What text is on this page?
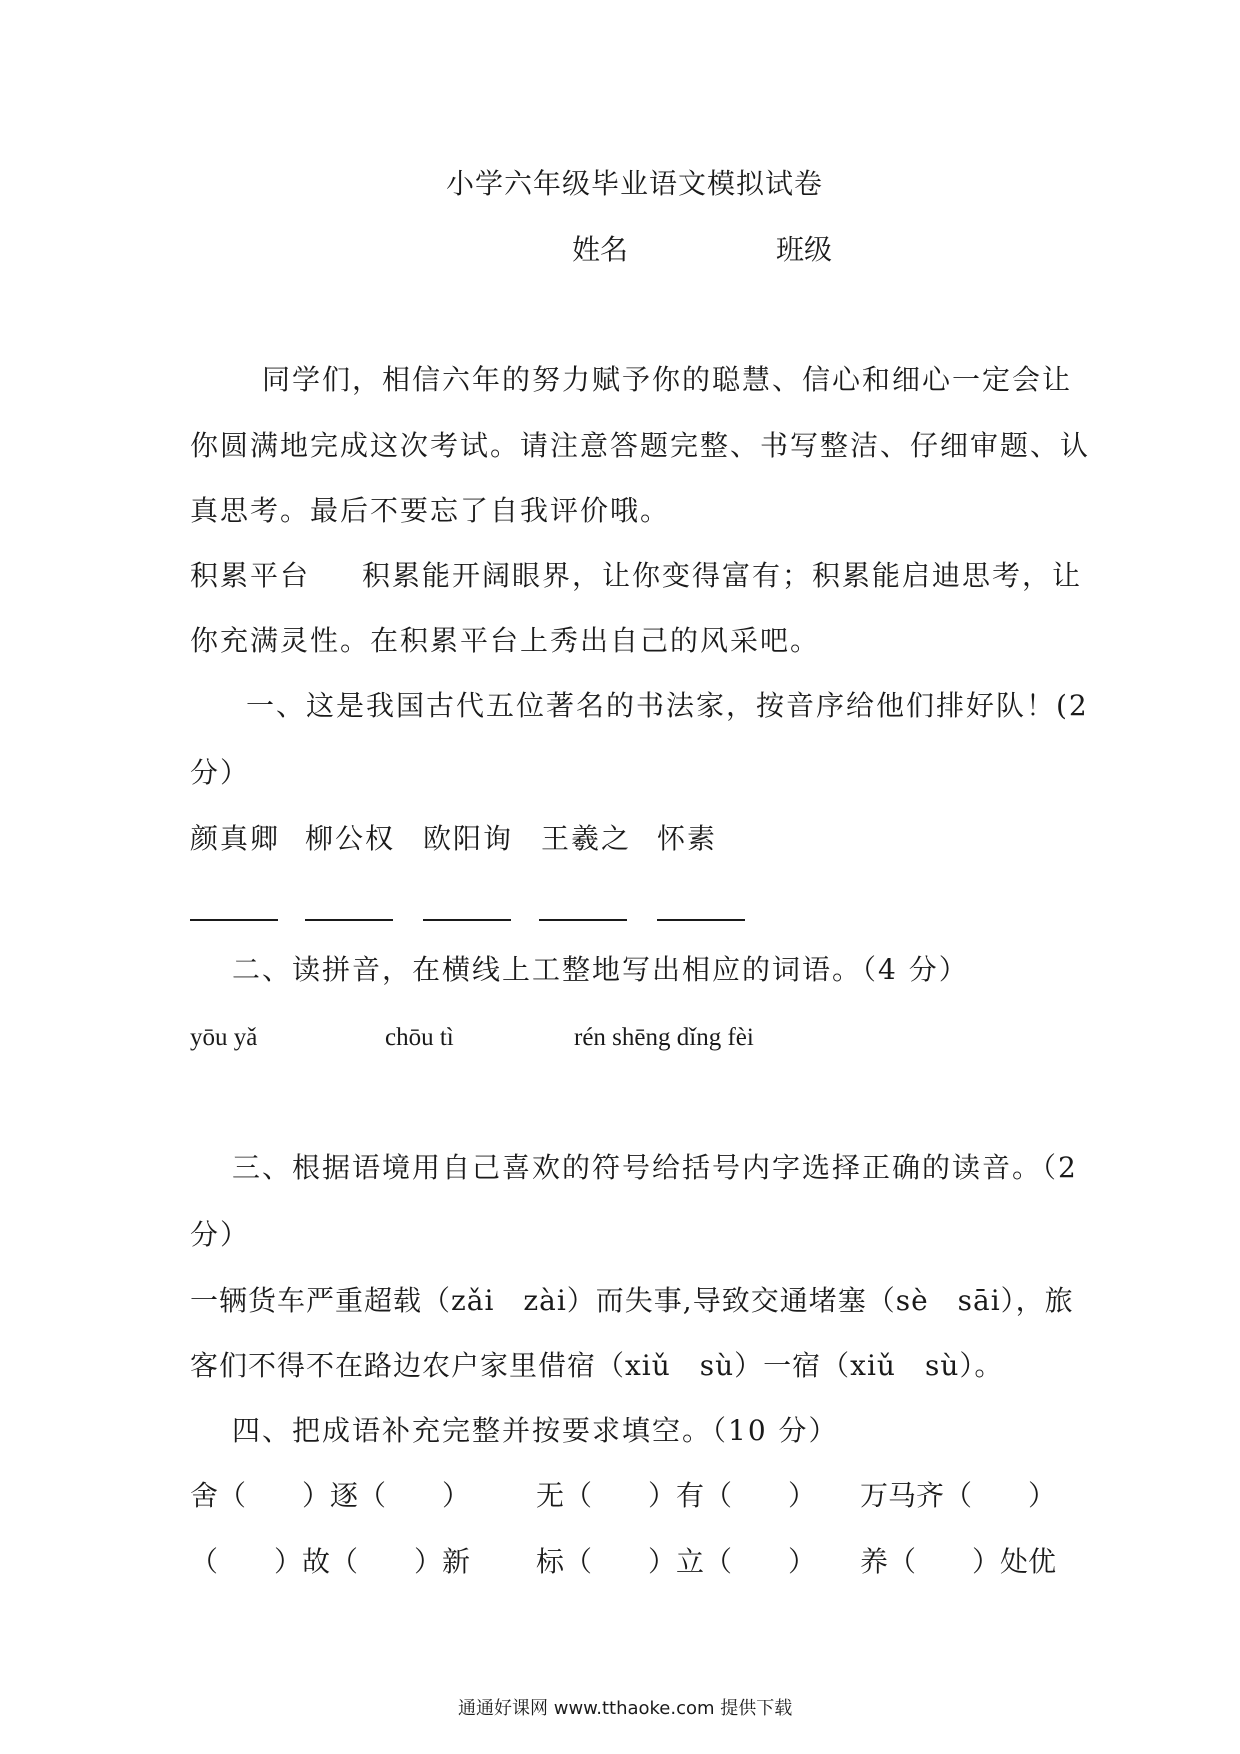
小学六年级毕业语文模拟试卷
姓名	班级
同学们，相信六年的努力赋予你的聪慧、信心和细心一定会让
你圆满地完成这次考试。请注意答题完整、书写整洁、仔细审题、认
真思考。最后不要忘了自我评价哦。
积累平台 积累能开阔眼界，让你变得富有；积累能启迪思考，让
你充满灵性。在积累平台上秀出自己的风采吧。
一、这是我国古代五位著名的书法家，按音序给他们排好队！(2
分）
颜真卿 柳公权 欧阳询 王羲之 怀素
二、读拼音，在横线上工整地写出相应的词语。（4 分）
yōu yǎ	chōu tì	rén shēng dǐng fèi
三、根据语境用自己喜欢的符号给括号内字选择正确的读音。（2
分）
一辆货车严重超载（zǎi　zài）而失事,导致交通堵塞（sè　sāi），旅
客们不得不在路边农户家里借宿（xiǔ　sù）一宿（xiǔ　sù）。
四、把成语补充完整并按要求填空。（10 分）
舍（　　）逐（　　） 无（　　）有（　　） 万马齐（　　）
（　　）故（　　）新 标（　　）立（　　） 养（　　）处优
通通好课网 www.tthaoke.com 提供下载
